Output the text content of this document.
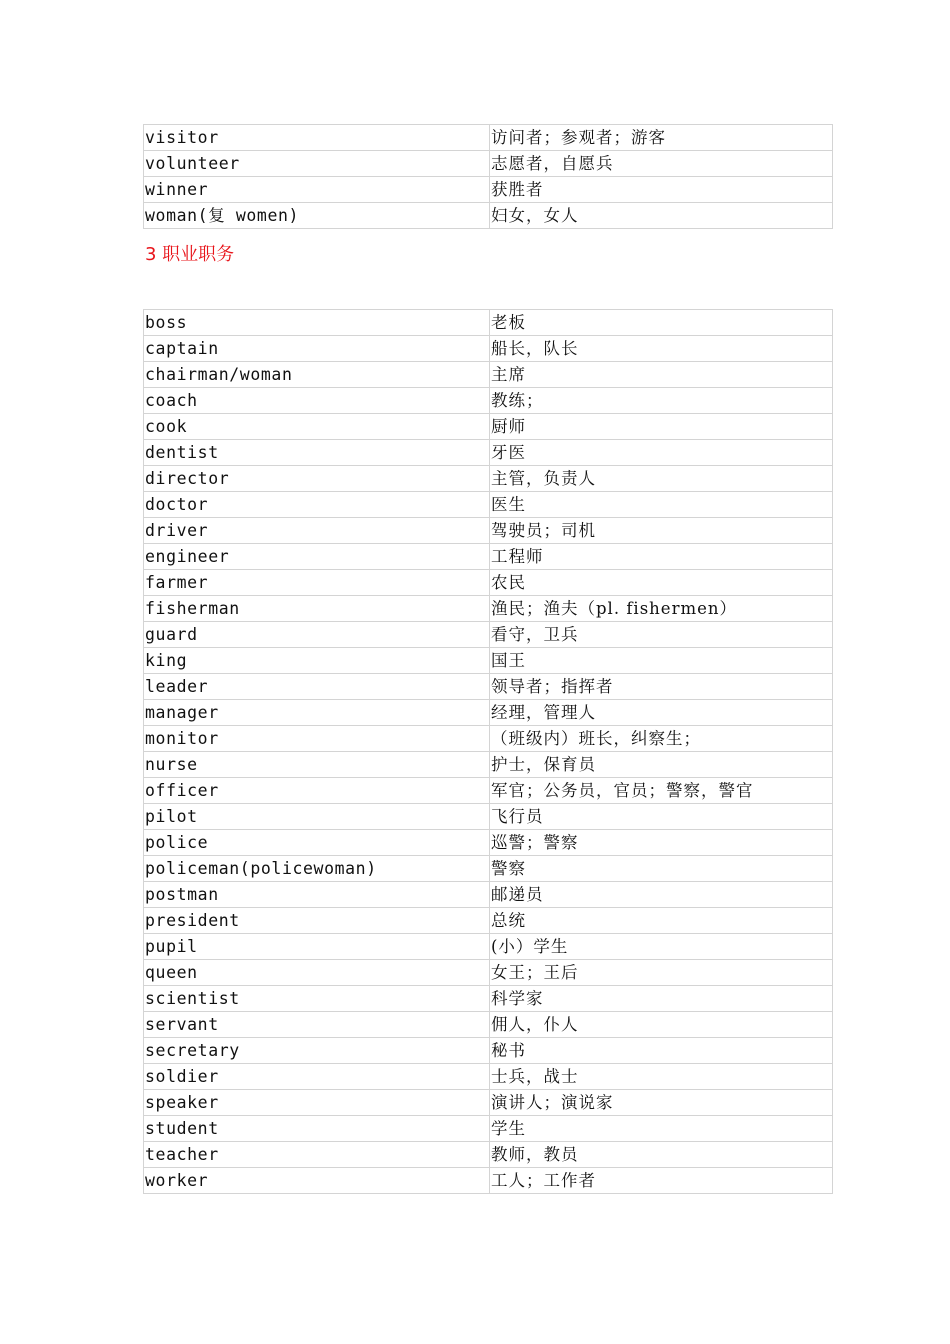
visitor	访问者；参观者；游客
volunteer	志愿者，自愿兵
winner	获胜者
woman(复 women)	妇女，女人
3 职业职务
boss	老板
captain	船长，队长
chairman/woman	主席
coach	教练；
cook	厨师
dentist	牙医
director	主管，负责人
doctor	医生
driver	驾驶员；司机
engineer	工程师
farmer	农民
fisherman	渔民；渔夫（pl. fishermen）
guard	看守，卫兵
king	国王
leader	领导者；指挥者
manager	经理，管理人
monitor	（班级内）班长，纠察生；
nurse	护士，保育员
officer	军官；公务员，官员；警察，警官
pilot	飞行员
police	巡警；警察
policeman(policewoman)	警察
postman	邮递员
president	总统
pupil	(小）学生
queen	女王；王后
scientist	科学家
servant	佣人，仆人
secretary	秘书
soldier	士兵，战士
speaker	演讲人；演说家
student	学生
teacher	教师，教员
worker	工人；工作者
